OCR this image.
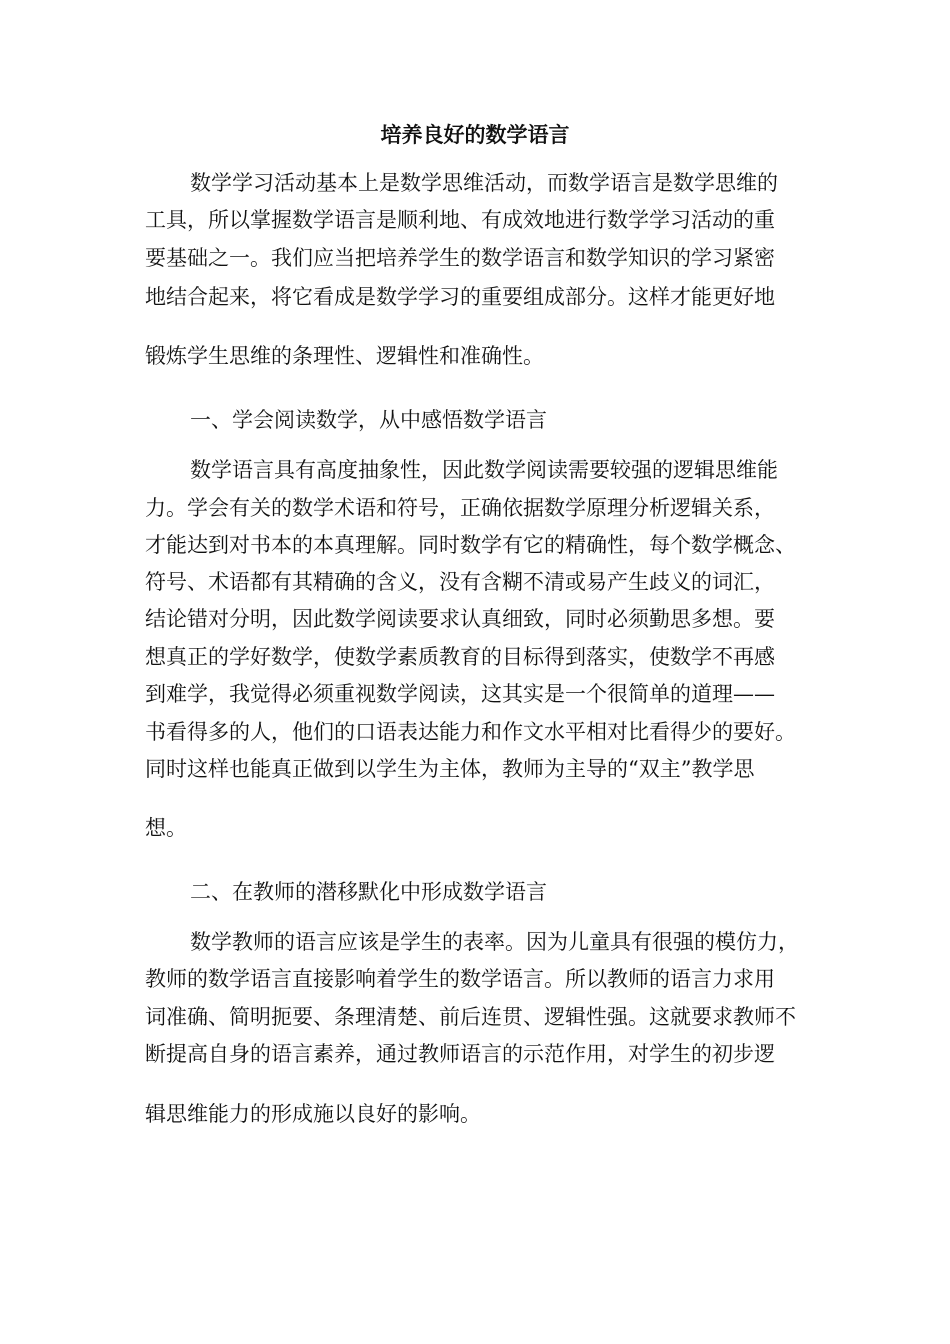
培养良好的数学语言
数学学习活动基本上是数学思维活动，而数学语言是数学思维的
工具，所以掌握数学语言是顺利地、有成效地进行数学学习活动的重
要基础之一。我们应当把培养学生的数学语言和数学知识的学习紧密
地结合起来，将它看成是数学学习的重要组成部分。这样才能更好地
锻炼学生思维的条理性、逻辑性和准确性。
一、学会阅读数学，从中感悟数学语言
数学语言具有高度抽象性，因此数学阅读需要较强的逻辑思维能
力。学会有关的数学术语和符号，正确依据数学原理分析逻辑关系，
才能达到对书本的本真理解。同时数学有它的精确性，每个数学概念、
符号、术语都有其精确的含义，没有含糊不清或易产生歧义的词汇，
结论错对分明，因此数学阅读要求认真细致，同时必须勤思多想。要
想真正的学好数学，使数学素质教育的目标得到落实，使数学不再感
到难学，我觉得必须重视数学阅读，这其实是一个很简单的道理——
书看得多的人，他们的口语表达能力和作文水平相对比看得少的要好。
同时这样也能真正做到以学生为主体，教师为主导的“双主”教学思
想。
二、在教师的潜移默化中形成数学语言
数学教师的语言应该是学生的表率。因为儿童具有很强的模仿力，
教师的数学语言直接影响着学生的数学语言。所以教师的语言力求用
词准确、简明扼要、条理清楚、前后连贯、逻辑性强。这就要求教师不
断提高自身的语言素养，通过教师语言的示范作用，对学生的初步逻
辑思维能力的形成施以良好的影响。
